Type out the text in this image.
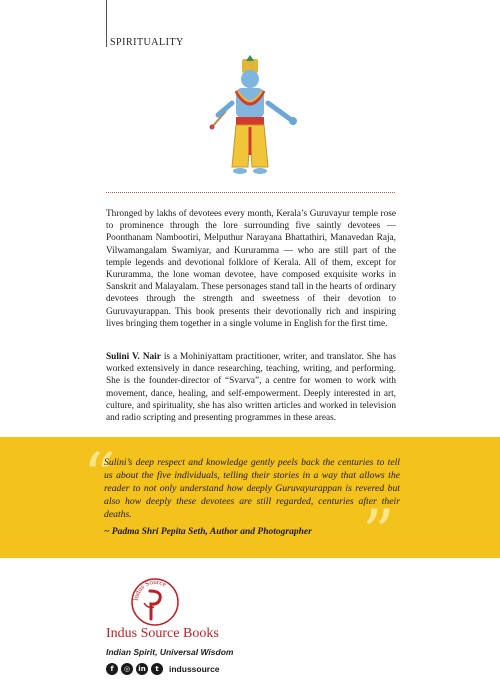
SPIRITUALITY

Thronged by lakhs of devotees every month, Kerala’s Guruvayur temple rose to prominence through the lore surrounding five saintly devotees — Poonthanam Nambootiri, Melputhur Narayana Bhattathiri, Manavedan Raja, Vilwamangalam Swamiyar, and Kururamma — who are still part of the temple legends and devotional folklore of Kerala. All of them, except for Kururamma, the lone woman devotee, have composed exquisite works in Sanskrit and Malayalam. These personages stand tall in the hearts of ordinary devotees through the strength and sweetness of their devotion to Guruvayurappan. This book presents their devotionally rich and inspiring lives bringing them together in a single volume in English for the first time.

Sulini V. Nair is a Mohiniyattam practitioner, writer, and translator. She has worked extensively in dance researching, teaching, writing, and performing. She is the founder-director of “Svarva”, a centre for women to work with movement, dance, healing, and self-empowerment. Deeply interested in art, culture, and spirituality, she has also written articles and worked in television and radio scripting and presenting programmes in these areas.

“

Sulini’s deep respect and knowledge gently peels back the centuries to tell us about the five individuals, telling their stories in a way that allows the reader to not only understand how deeply Guruvayurappan is revered but also how deeply these devotees are still regarded, centuries after their deaths.	”

~ Padma Shri Pepita Seth, Author and Photographer

Indus Source

Indus Source Books

Indian Spirit, Universal Wisdom

f	◎	in	t	indussource
